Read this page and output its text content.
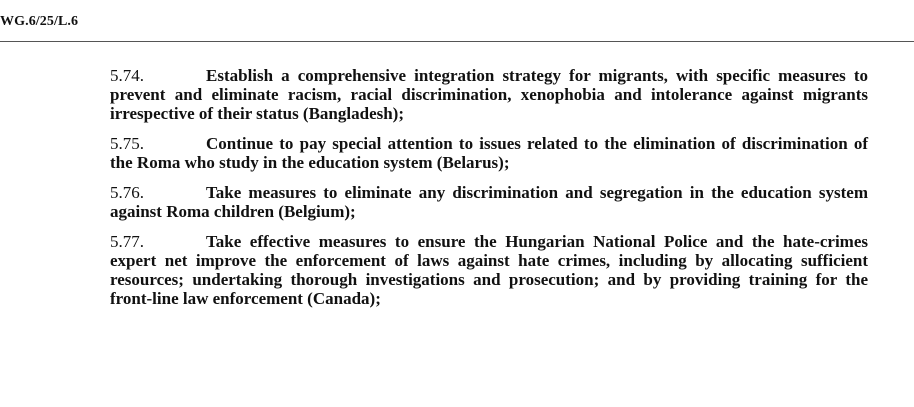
WG.6/25/L.6

5.74.	Establish a comprehensive integration strategy for migrants, with specific measures to prevent and eliminate racism, racial discrimination, xenophobia and intolerance against migrants irrespective of their status (Bangladesh);

5.75.	Continue to pay special attention to issues related to the elimination of discrimination of the Roma who study in the education system (Belarus);

5.76.	Take measures to eliminate any discrimination and segregation in the education system against Roma children (Belgium);

5.77.	Take effective measures to ensure the Hungarian National Police and the hate-crimes expert net improve the enforcement of laws against hate crimes, including by allocating sufficient resources; undertaking thorough investigations and prosecution; and by providing training for the front-line law enforcement (Canada);
